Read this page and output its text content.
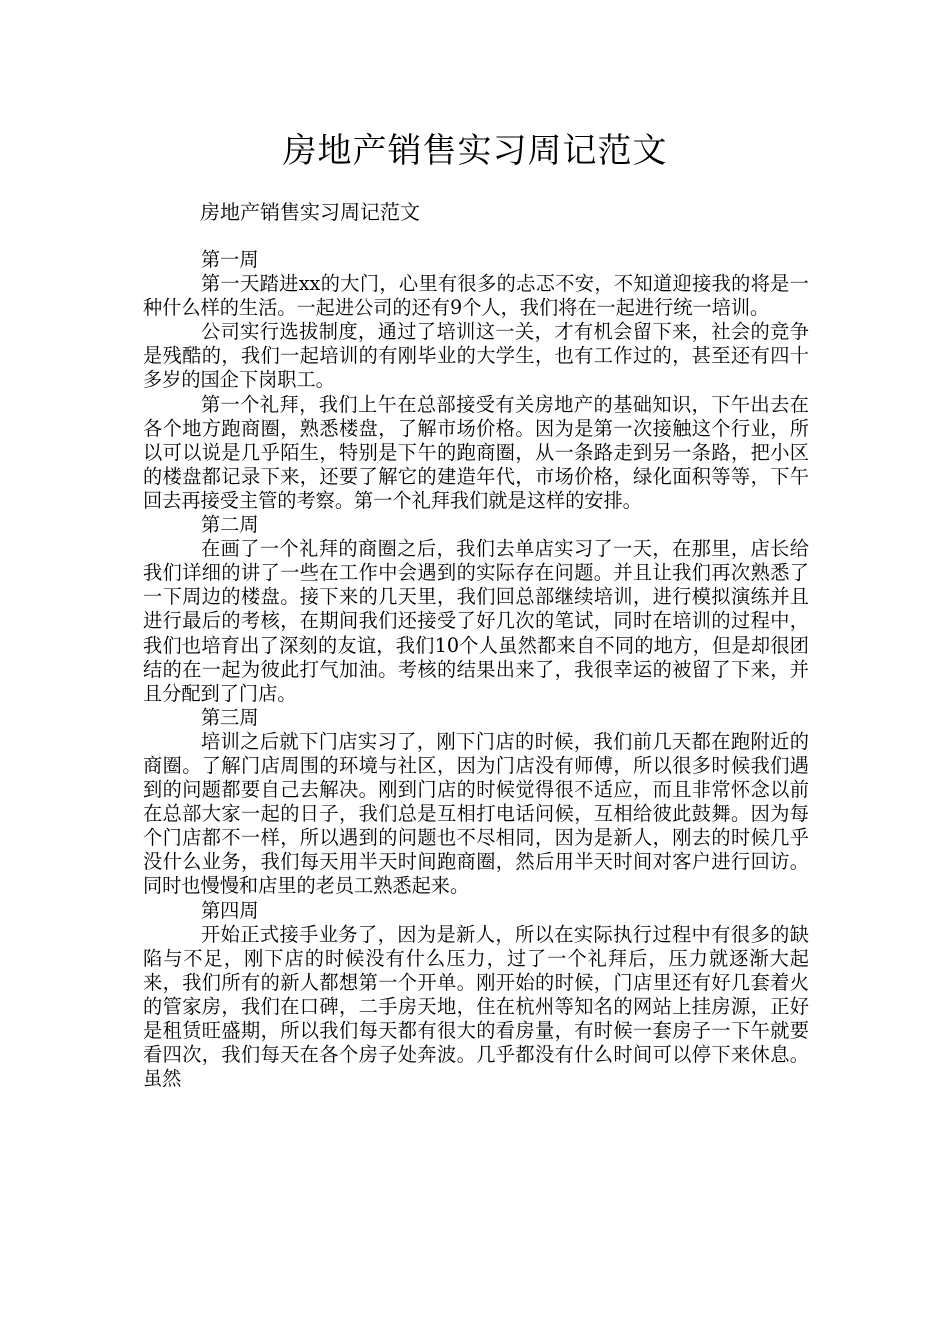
房地产销售实习周记范文
房地产销售实习周记范文

第一周

第一天踏进xx的大门，心里有很多的忐忑不安，不知道迎接我的将是一种什么样的生活。一起进公司的还有9个人，我们将在一起进行统一培训。

公司实行选拔制度，通过了培训这一关，才有机会留下来，社会的竞争是残酷的，我们一起培训的有刚毕业的大学生，也有工作过的，甚至还有四十多岁的国企下岗职工。

第一个礼拜，我们上午在总部接受有关房地产的基础知识，下午出去在各个地方跑商圈，熟悉楼盘，了解市场价格。因为是第一次接触这个行业，所以可以说是几乎陌生，特别是下午的跑商圈，从一条路走到另一条路，把小区的楼盘都记录下来，还要了解它的建造年代，市场价格，绿化面积等等，下午回去再接受主管的考察。第一个礼拜我们就是这样的安排。

第二周

在画了一个礼拜的商圈之后，我们去单店实习了一天，在那里，店长给我们详细的讲了一些在工作中会遇到的实际存在问题。并且让我们再次熟悉了一下周边的楼盘。接下来的几天里，我们回总部继续培训，进行模拟演练并且进行最后的考核，在期间我们还接受了好几次的笔试，同时在培训的过程中，我们也培育出了深刻的友谊，我们10个人虽然都来自不同的地方，但是却很团结的在一起为彼此打气加油。考核的结果出来了，我很幸运的被留了下来，并且分配到了门店。

第三周

培训之后就下门店实习了，刚下门店的时候，我们前几天都在跑附近的商圈。了解门店周围的环境与社区，因为门店没有师傅，所以很多时候我们遇到的问题都要自己去解决。刚到门店的时候觉得很不适应，而且非常怀念以前在总部大家一起的日子，我们总是互相打电话问候，互相给彼此鼓舞。因为每个门店都不一样，所以遇到的问题也不尽相同，因为是新人，刚去的时候几乎没什么业务，我们每天用半天时间跑商圈，然后用半天时间对客户进行回访。同时也慢慢和店里的老员工熟悉起来。

第四周

开始正式接手业务了，因为是新人，所以在实际执行过程中有很多的缺陷与不足，刚下店的时候没有什么压力，过了一个礼拜后，压力就逐渐大起来，我们所有的新人都想第一个开单。刚开始的时候，门店里还有好几套着火的管家房，我们在口碑，二手房天地，住在杭州等知名的网站上挂房源，正好是租赁旺盛期，所以我们每天都有很大的看房量，有时候一套房子一下午就要看四次，我们每天在各个房子处奔波。几乎都没有什么时间可以停下来休息。虽然
